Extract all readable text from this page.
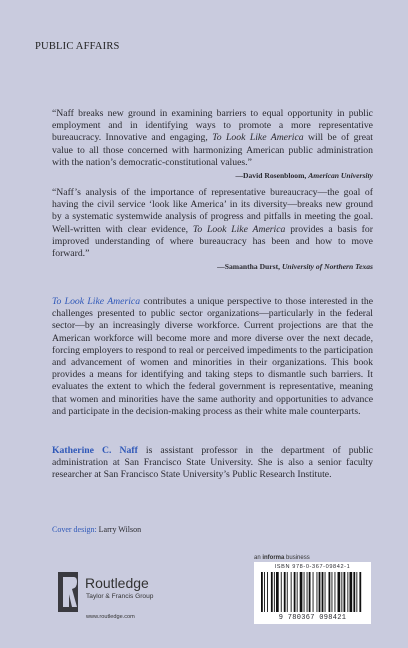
PUBLIC AFFAIRS

“Naff breaks new ground in examining barriers to equal opportunity in public employment and in identifying ways to promote a more representative bureaucracy. Innovative and engaging, To Look Like America will be of great value to all those concerned with harmonizing American public administration with the nation’s democratic-constitutional values.”

—David Rosenbloom, American University

“Naff’s analysis of the importance of representative bureaucracy—the goal of having the civil service ‘look like America’ in its diversity—breaks new ground by a systematic systemwide analysis of progress and pitfalls in meeting the goal. Well-written with clear evidence, To Look Like America provides a basis for improved understanding of where bureaucracy has been and how to move forward.”

—Samantha Durst, University of Northern Texas

To Look Like America contributes a unique perspective to those interested in the challenges presented to public sector organizations—particularly in the federal sector—by an increasingly diverse workforce. Current projections are that the American workforce will become more and more diverse over the next decade, forcing employers to respond to real or perceived impediments to the participation and advancement of women and minorities in their organizations. This book provides a means for identifying and taking steps to dismantle such barriers. It evaluates the extent to which the federal government is representative, meaning that women and minorities have the same authority and opportunities to advance and participate in the decision-making process as their white male counterparts.

Katherine C. Naff is assistant professor in the department of public administration at San Francisco State University. She is also a senior faculty researcher at San Francisco State University’s Public Research Institute.

Cover design: Larry Wilson
Routledge
Taylor & Francis Group
www.routledge.com
an informa business
ISBN 978-0-367-09842-1
9 780367 098421
